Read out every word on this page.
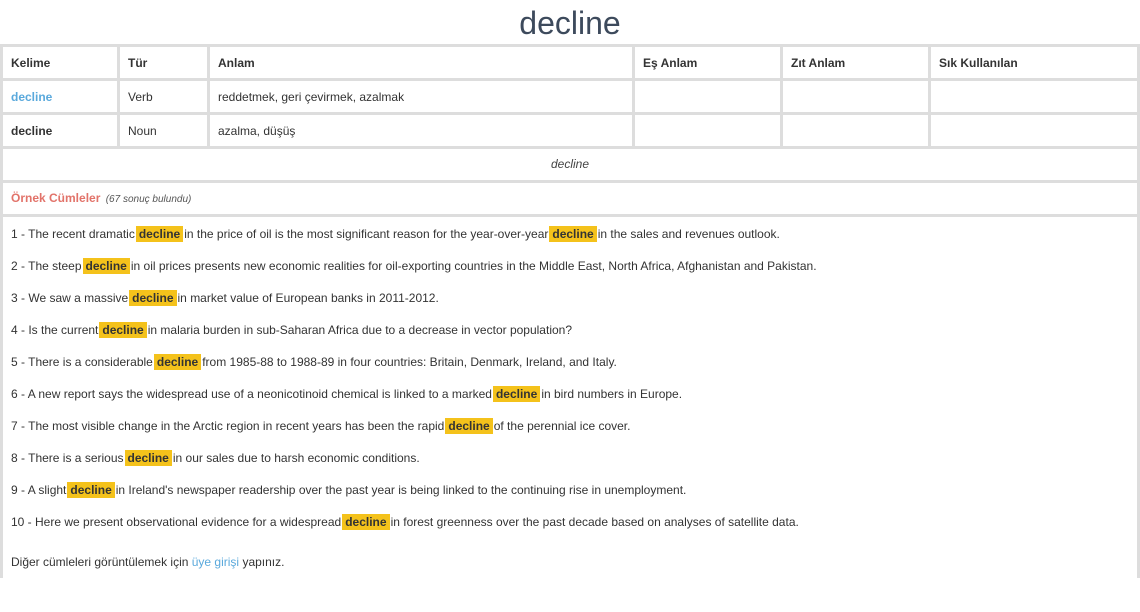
decline
Kelime	Tür	Anlam	Eş Anlam	Zıt Anlam	Sık Kullanılan
decline	Verb	reddetmek, geri çevirmek, azalmak			
decline	Noun	azalma, düşüş			
decline
Örnek Cümleler (67 sonuç bulundu)
1 - The recent dramatic decline in the price of oil is the most significant reason for the year-over-year decline in the sales and revenues outlook.
2 - The steep decline in oil prices presents new economic realities for oil-exporting countries in the Middle East, North Africa, Afghanistan and Pakistan.
3 - We saw a massive decline in market value of European banks in 2011-2012.
4 - Is the current decline in malaria burden in sub-Saharan Africa due to a decrease in vector population?
5 - There is a considerable decline from 1985-88 to 1988-89 in four countries: Britain, Denmark, Ireland, and Italy.
6 - A new report says the widespread use of a neonicotinoid chemical is linked to a marked decline in bird numbers in Europe.
7 - The most visible change in the Arctic region in recent years has been the rapid decline of the perennial ice cover.
8 - There is a serious decline in our sales due to harsh economic conditions.
9 - A slight decline in Ireland's newspaper readership over the past year is being linked to the continuing rise in unemployment.
10 - Here we present observational evidence for a widespread decline in forest greenness over the past decade based on analyses of satellite data.
Diğer cümleleri görüntülemek için üye girişi yapınız.
